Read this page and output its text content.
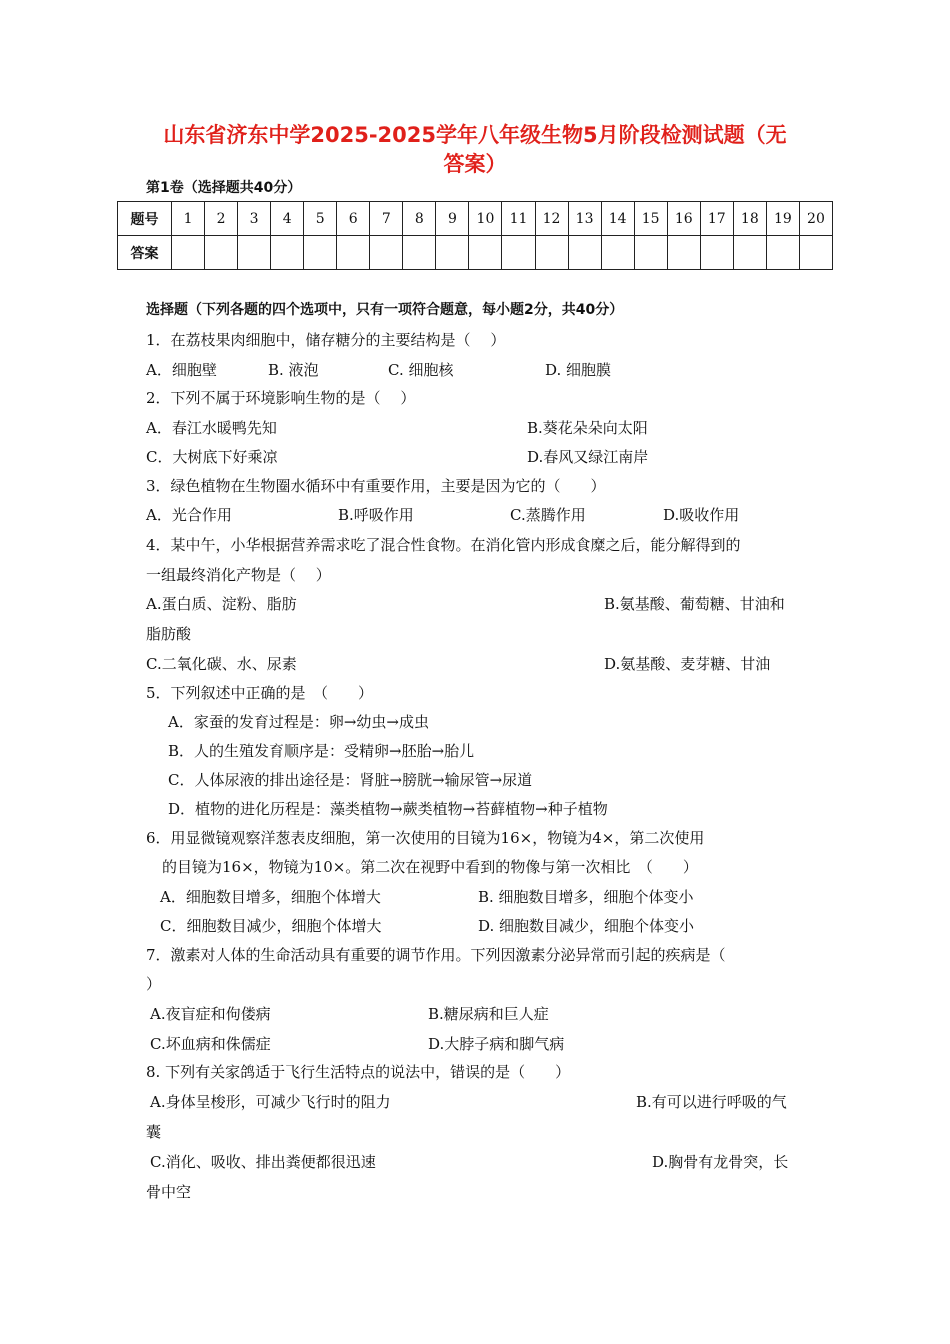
山东省济东中学2025-2025学年八年级生物5月阶段检测试题（无
答案）
第1卷（选择题共40分）
题号	1	2	3	4	5	6	7	8	9	10	11	12	13	14	15	16	17	18	19	20
答案																				
选择题（下列各题的四个选项中，只有一项符合题意，每小题2分，共40分）
1．在荔枝果肉细胞中，储存糖分的主要结构是（　 ）
A．细胞壁	B. 液泡	C. 细胞核	D. 细胞膜
2．下列不属于环境影响生物的是（　 ）
A．春江水暖鸭先知	B.葵花朵朵向太阳
C．大树底下好乘凉	D.春风又绿江南岸
3．绿色植物在生物圈水循环中有重要作用，主要是因为它的（　　）
A．光合作用	B.呼吸作用	C.蒸腾作用	D.吸收作用
4．某中午，小华根据营养需求吃了混合性食物。在消化管内形成食糜之后，能分解得到的
一组最终消化产物是（　 ）
A.蛋白质、淀粉、脂肪	B.氨基酸、葡萄糖、甘油和
脂肪酸
C.二氧化碳、水、尿素	D.氨基酸、麦芽糖、甘油
5．下列叙述中正确的是　（　　）
A．家蚕的发育过程是：卵→幼虫→成虫
B．人的生殖发育顺序是：受精卵→胚胎→胎儿
C．人体尿液的排出途径是：肾脏→膀胱→输尿管→尿道
D．植物的进化历程是：藻类植物→蕨类植物→苔藓植物→种子植物
6．用显微镜观察洋葱表皮细胞，第一次使用的目镜为16×，物镜为4×，第二次使用
的目镜为16×，物镜为10×。第二次在视野中看到的物像与第一次相比　（　　）
A．细胞数目增多，细胞个体增大	B. 细胞数目增多，细胞个体变小
C．细胞数目减少，细胞个体增大	D. 细胞数目减少，细胞个体变小
7．激素对人体的生命活动具有重要的调节作用。下列因激素分泌异常而引起的疾病是（
）
A.夜盲症和佝偻病	B.糖尿病和巨人症
C.坏血病和侏儒症	D.大脖子病和脚气病
8. 下列有关家鸽适于飞行生活特点的说法中，错误的是（　　）
A.身体呈梭形，可减少飞行时的阻力	B.有可以进行呼吸的气
囊
C.消化、吸收、排出粪便都很迅速	D.胸骨有龙骨突，长
骨中空
